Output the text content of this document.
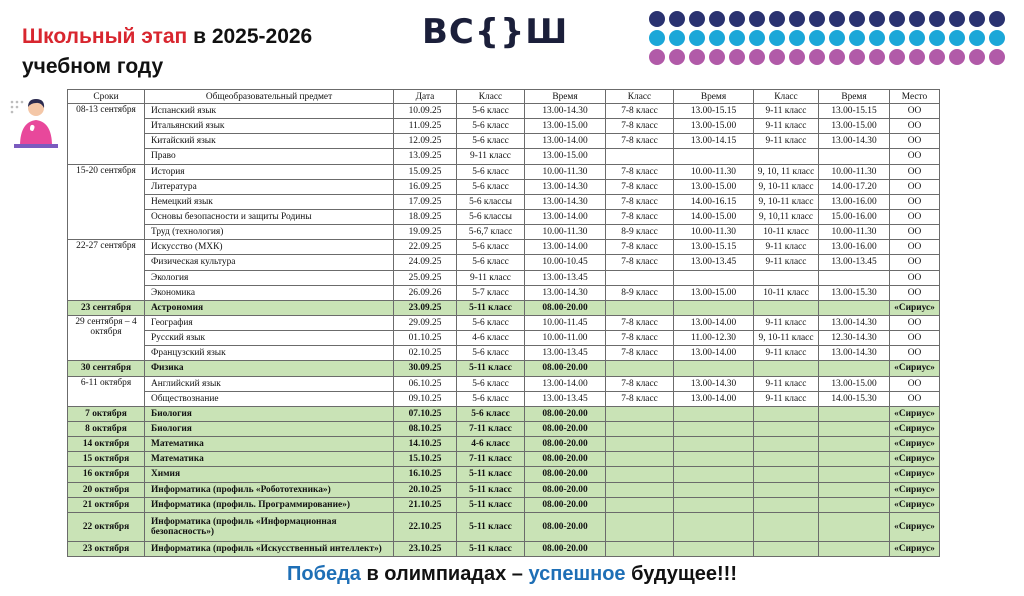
Школьный этап в 2025-2026
учебном году
ВС{}Ш
Сроки	Общеобразовательный предмет	Дата	Класс	Время	Класс	Время	Класс	Время	Место
08-13 сентября	Испанский язык	10.09.25	5-6 класс	13.00-14.30	7-8 класс	13.00-15.15	9-11 класс	13.00-15.15	ОО
	Итальянский язык	11.09.25	5-6 класс	13.00-15.00	7-8 класс	13.00-15.00	9-11 класс	13.00-15.00	ОО
	Китайский язык	12.09.25	5-6 класс	13.00-14.00	7-8 класс	13.00-14.15	9-11 класс	13.00-14.30	ОО
	Право	13.09.25	9-11 класс	13.00-15.00					ОО
15-20 сентября	История	15.09.25	5-6 класс	10.00-11.30	7-8 класс	10.00-11.30	9, 10, 11 класс	10.00-11.30	ОО
	Литература	16.09.25	5-6 класс	13.00-14.30	7-8 класс	13.00-15.00	9, 10-11 класс	14.00-17.20	ОО
	Немецкий язык	17.09.25	5-6 классы	13.00-14.30	7-8 класс	14.00-16.15	9, 10-11 класс	13.00-16.00	ОО
	Основы безопасности и защиты Родины	18.09.25	5-6 классы	13.00-14.00	7-8 класс	14.00-15.00	9, 10,11 класс	15.00-16.00	ОО
	Труд (технология)	19.09.25	5-6,7 класс	10.00-11.30	8-9 класс	10.00-11.30	10-11 класс	10.00-11.30	ОО
22-27 сентября	Искусство (МХК)	22.09.25	5-6 класс	13.00-14.00	7-8 класс	13.00-15.15	9-11 класс	13.00-16.00	ОО
	Физическая культура	24.09.25	5-6 класс	10.00-10.45	7-8 класс	13.00-13.45	9-11 класс	13.00-13.45	ОО
	Экология	25.09.25	9-11 класс	13.00-13.45					ОО
	Экономика	26.09.26	5-7 класс	13.00-14.30	8-9 класс	13.00-15.00	10-11 класс	13.00-15.30	ОО
23 сентября	Астрономия	23.09.25	5-11 класс	08.00-20.00					«Сириус»
29 сентября – 4 октября	География	29.09.25	5-6 класс	10.00-11.45	7-8 класс	13.00-14.00	9-11 класс	13.00-14.30	ОО
	Русский язык	01.10.25	4-6 класс	10.00-11.00	7-8 класс	11.00-12.30	9, 10-11 класс	12.30-14.30	ОО
	Французский язык	02.10.25	5-6 класс	13.00-13.45	7-8 класс	13.00-14.00	9-11 класс	13.00-14.30	ОО
30 сентября	Физика	30.09.25	5-11 класс	08.00-20.00					«Сириус»
6-11 октября	Английский язык	06.10.25	5-6 класс	13.00-14.00	7-8 класс	13.00-14.30	9-11 класс	13.00-15.00	ОО
	Обществознание	09.10.25	5-6 класс	13.00-13.45	7-8 класс	13.00-14.00	9-11 класс	14.00-15.30	ОО
7 октября	Биология	07.10.25	5-6 класс	08.00-20.00					«Сириус»
8 октября	Биология	08.10.25	7-11 класс	08.00-20.00					«Сириус»
14 октября	Математика	14.10.25	4-6 класс	08.00-20.00					«Сириус»
15 октября	Математика	15.10.25	7-11 класс	08.00-20.00					«Сириус»
16 октября	Химия	16.10.25	5-11 класс	08.00-20.00					«Сириус»
20 октября	Информатика (профиль «Робототехника»)	20.10.25	5-11 класс	08.00-20.00					«Сириус»
21 октября	Информатика (профиль. Программирование»)	21.10.25	5-11 класс	08.00-20.00					«Сириус»
22 октября	Информатика (профиль «Информационная безопасность»)	22.10.25	5-11 класс	08.00-20.00					«Сириус»
23 октября	Информатика (профиль «Искусственный интеллект»)	23.10.25	5-11 класс	08.00-20.00					«Сириус»
Победа в олимпиадах – успешное будущее!!!
